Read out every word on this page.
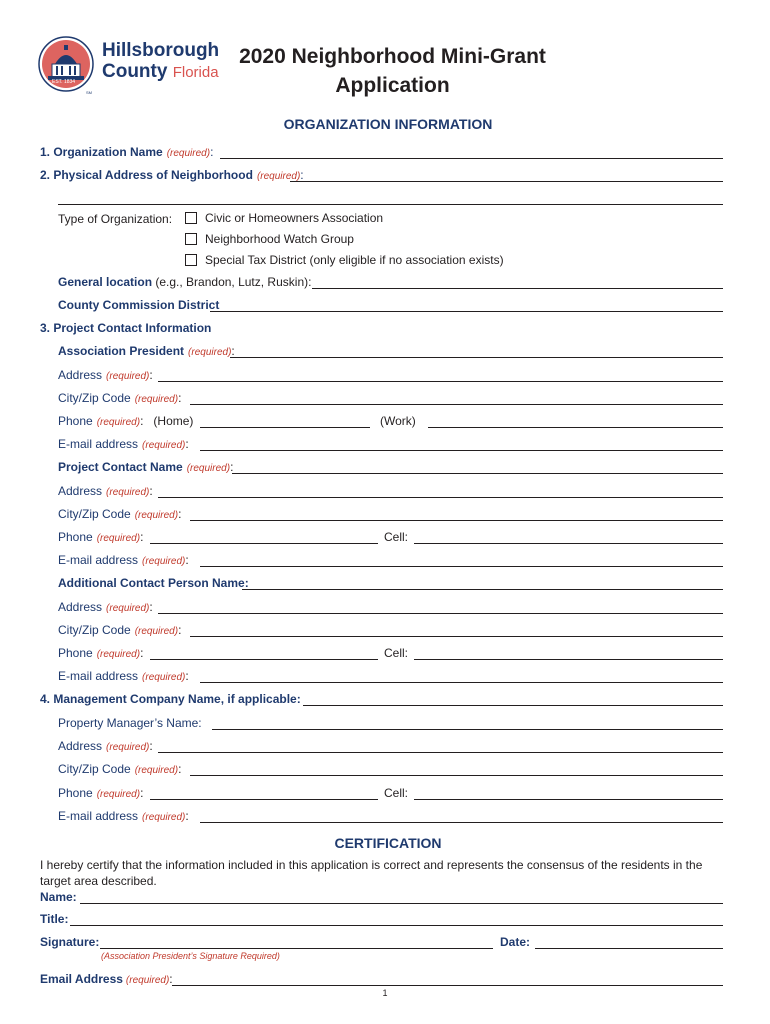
EST. 1834
SM
Hillsborough
County Florida
2020 Neighborhood Mini-Grant
Application
ORGANIZATION INFORMATION
1. Organization Name (required) :
2. Physical Address of Neighborhood (required) :
Type of Organization:	Civic or Homeowners Association
Neighborhood Watch Group
Special Tax District (only eligible if no association exists)
General location (e.g., Brandon, Lutz, Ruskin):
County Commission District
3. Project Contact Information
Association President (required) :
Address (required) :
City/Zip Code (required) :
Phone (required) : (Home)	(Work)
E-mail address (required) :
Project Contact Name (required) :
Address (required) :
City/Zip Code (required) :
Phone (required) :	Cell:
E-mail address (required) :
Additional Contact Person Name:
Address (required) :
City/Zip Code (required) :
Phone (required) :	Cell:
E-mail address (required) :
4. Management Company Name, if applicable:
Property Manager’s Name:
Address (required) :
City/Zip Code (required) :
Phone (required) :	Cell:
E-mail address (required) :
CERTIFICATION
I hereby certify that the information included in this application is correct and represents the consensus of the residents in the target area described.
Name:
Title:
Signature:	Date:
(Association President’s Signature Required)
Email Address (required) :
1
